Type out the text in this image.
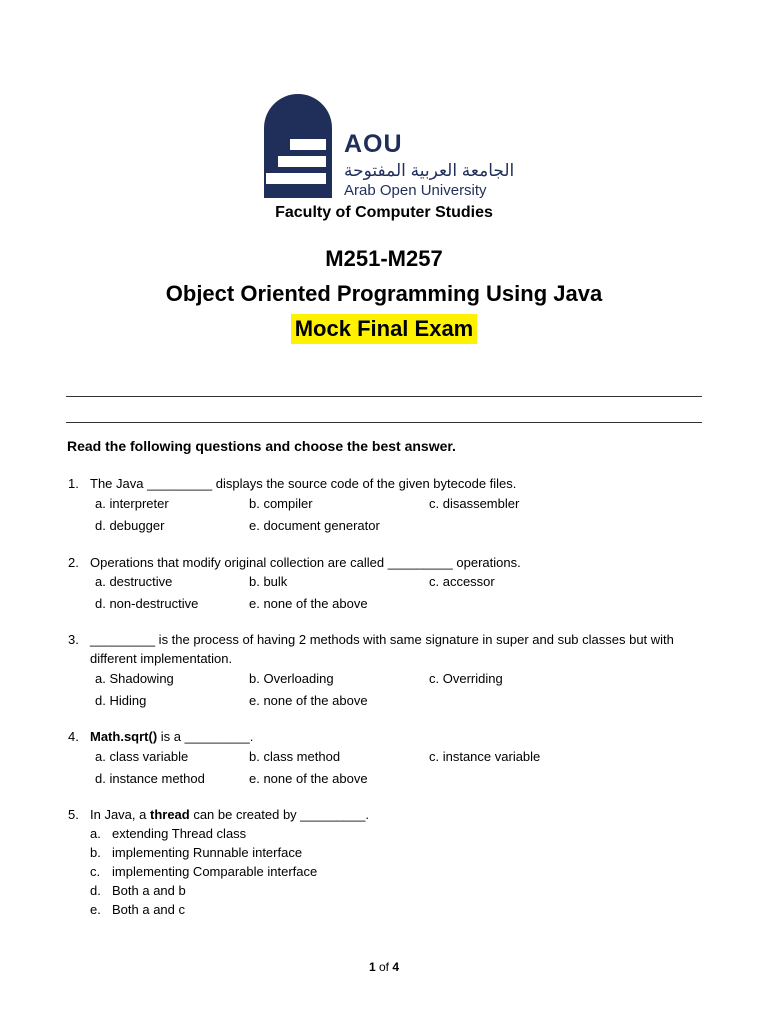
AOU
الجامعة العربية المفتوحة
Arab Open University
Faculty of Computer Studies
M251-M257
Object Oriented Programming Using Java
Mock Final Exam
Read the following questions and choose the best answer.
1. The Java _________ displays the source code of the given bytecode files.
a. interpreter	b. compiler	c. disassembler
d. debugger	e. document generator
2. Operations that modify original collection are called _________ operations.
a. destructive	b. bulk	c. accessor
d. non-destructive	e. none of the above
3. _________ is the process of having 2 methods with same signature in super and sub classes but with different implementation.
a. Shadowing	b. Overloading	c. Overriding
d. Hiding	e. none of the above
4. Math.sqrt() is a _________.
a. class variable	b. class method	c. instance variable
d. instance method	e. none of the above
5. In Java, a thread can be created by _________.
a. extending Thread class
b. implementing Runnable interface
c. implementing Comparable interface
d. Both a and b
e. Both a and c
1 of 4
